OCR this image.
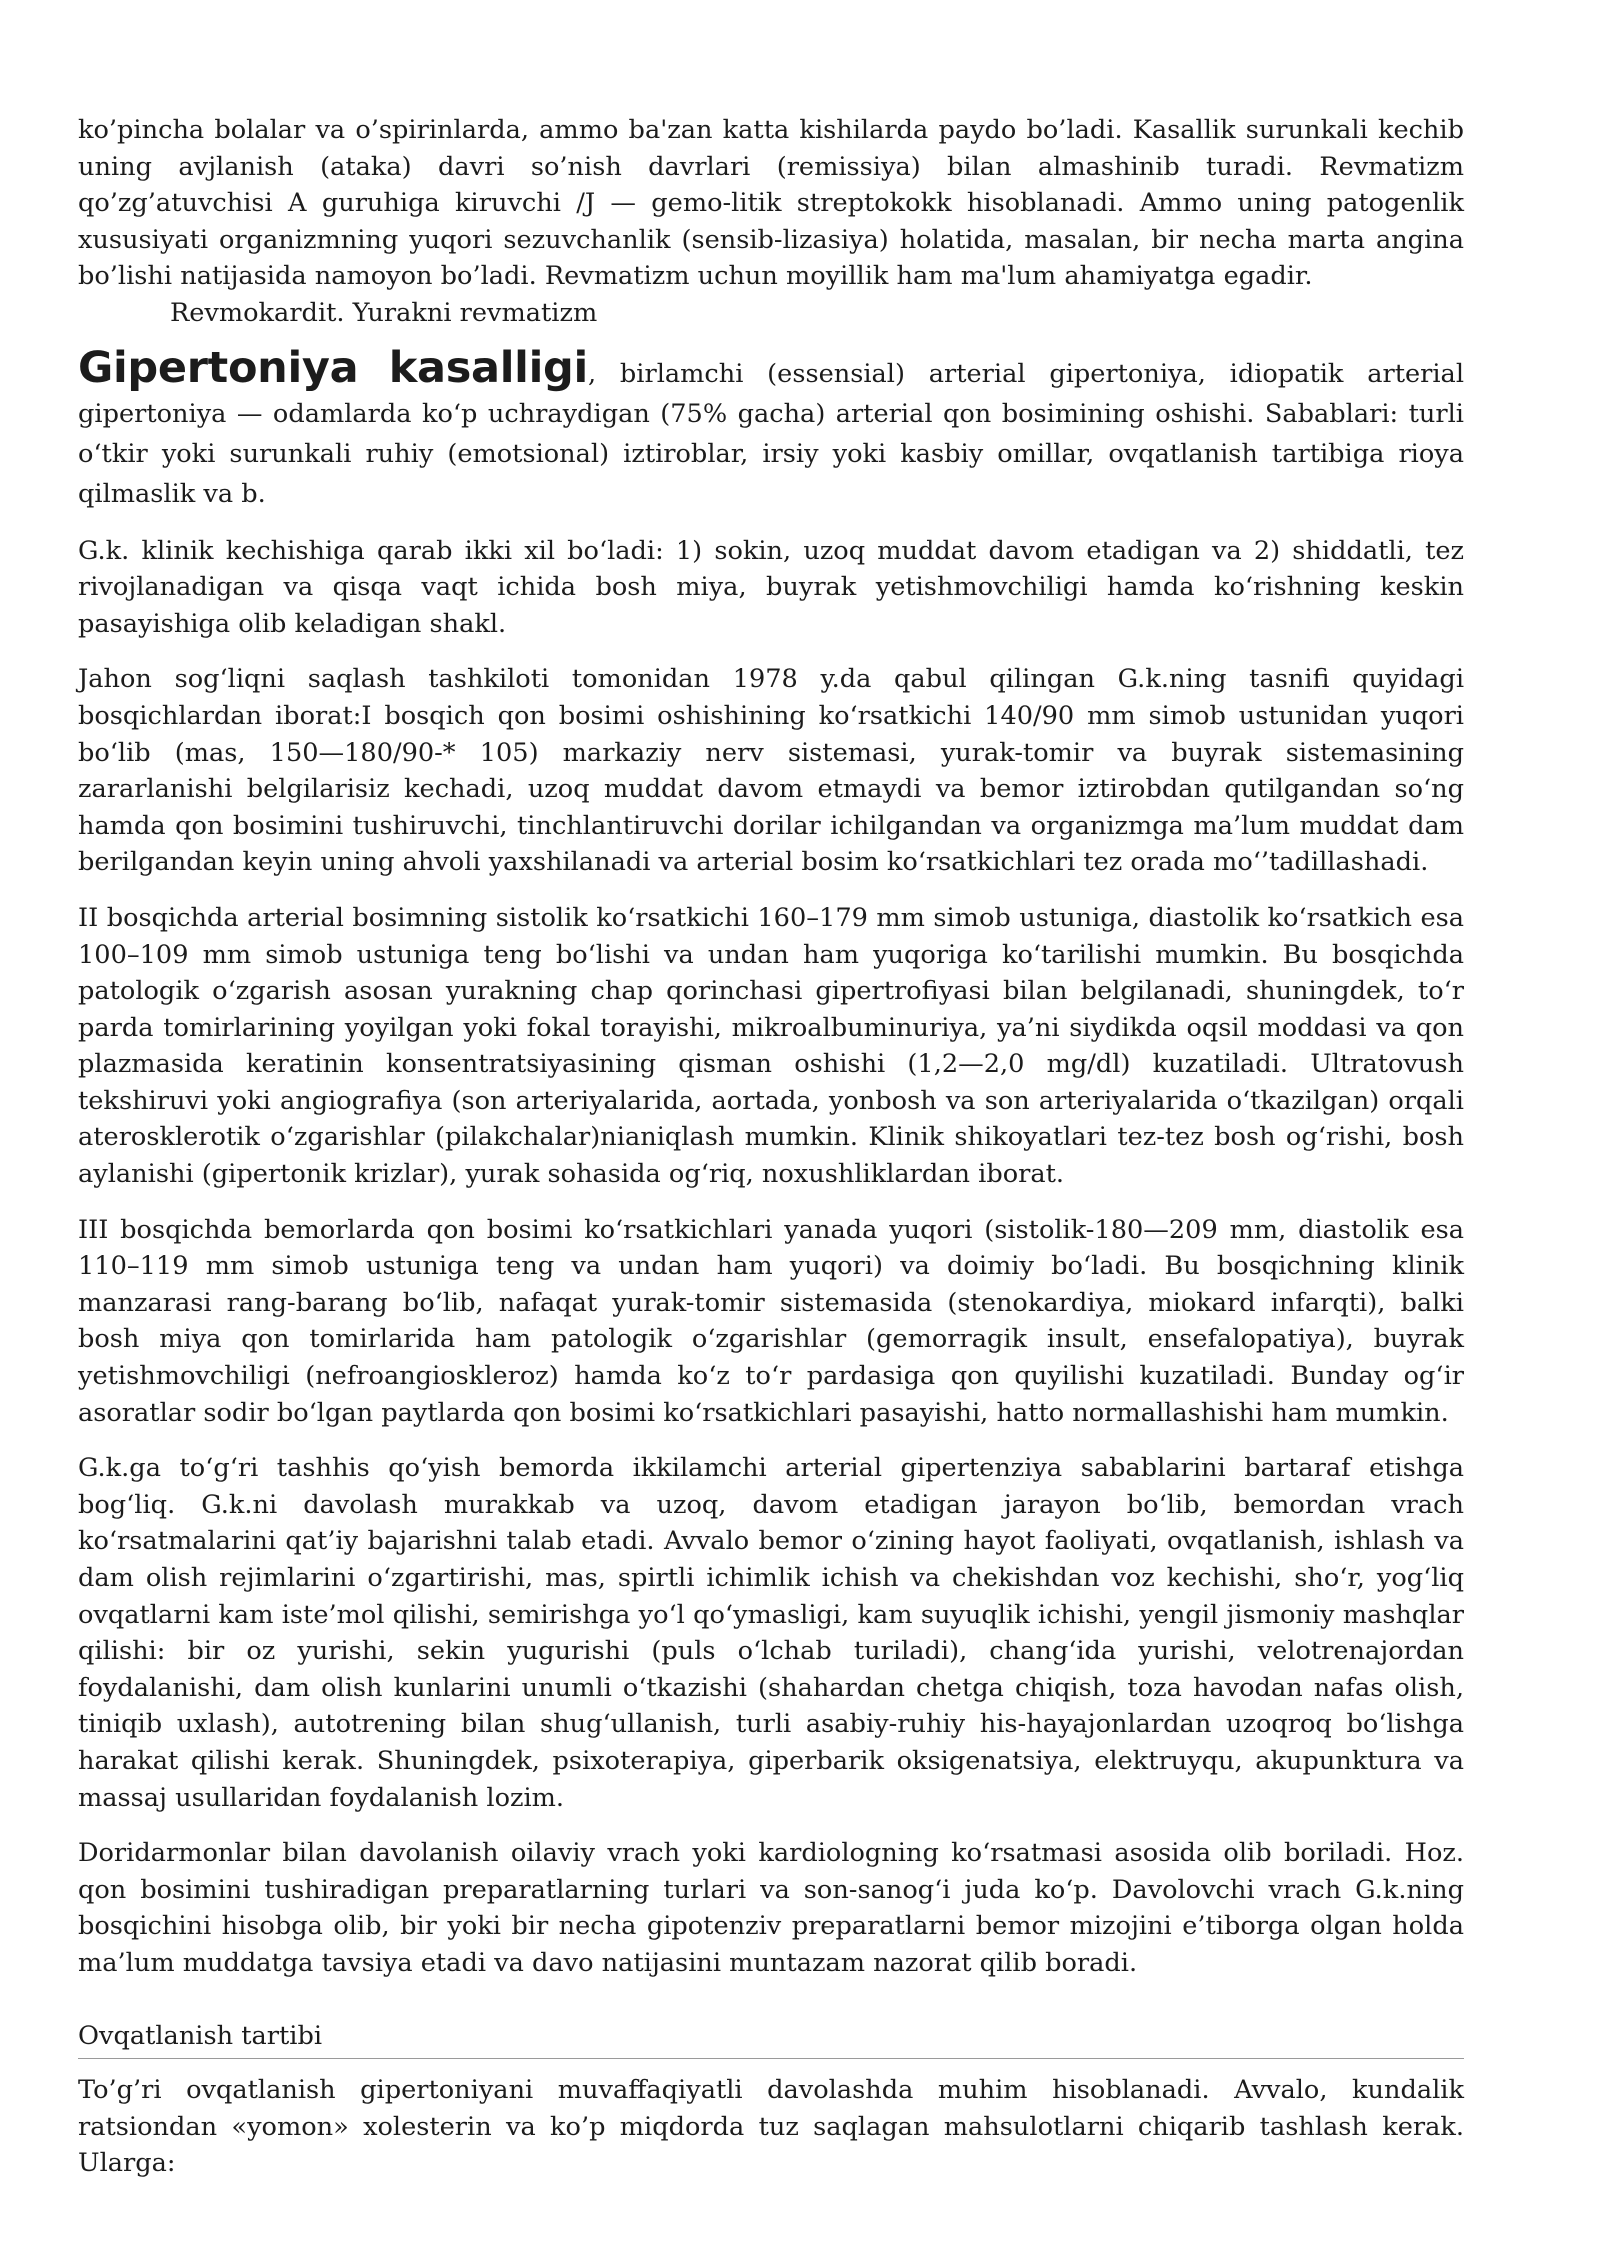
ko’pincha bolalar va o’spirinlarda, ammo ba'zan katta kishilarda paydo bo’ladi. Kasallik surunkali kechib uning avjlanish (ataka) davri so’nish davrlari (remissiya) bilan almashinib turadi. Revmatizm qo’zg’atuvchisi A guruhiga kiruvchi /J — gemo-litik streptokokk hisoblanadi. Ammo uning patogenlik xususiyati organizmning yuqori sezuvchanlik (sensib-lizasiya) holatida, masalan, bir necha marta angina bo’lishi natijasida namoyon bo’ladi. Revmatizm uchun moyillik ham ma'lum ahamiyatga egadir.

Revmokardit. Yurakni revmatizm

Gipertoniya kasalligi, birlamchi (essensial) arterial gipertoniya, idiopatik arterial gipertoniya — odamlarda ko‘p uchraydigan (75% gacha) arterial qon bosimining oshishi. Sabablari: turli o‘tkir yoki surunkali ruhiy (emotsional) iztiroblar, irsiy yoki kasbiy omillar, ovqatlanish tartibiga rioya qilmaslik va b.

G.k. klinik kechishiga qarab ikki xil bo‘ladi: 1) sokin, uzoq muddat davom etadigan va 2) shiddatli, tez rivojlanadigan va qisqa vaqt ichida bosh miya, buyrak yetishmovchiligi hamda ko‘rishning keskin pasayishiga olib keladigan shakl.

Jahon sog‘liqni saqlash tashkiloti tomonidan 1978 y.da qabul qilingan G.k.ning tasnifi quyidagi bosqichlardan iborat:I bosqich qon bosimi oshishining ko‘rsatkichi 140/90 mm simob ustunidan yuqori bo‘lib (mas, 150—180/90-* 105) markaziy nerv sistemasi, yurak-tomir va buyrak sistemasining zararlanishi belgilarisiz kechadi, uzoq muddat davom etmaydi va bemor iztirobdan qutilgandan so‘ng hamda qon bosimini tushiruvchi, tinchlantiruvchi dorilar ichilgandan va organizmga ma’lum muddat dam berilgandan keyin uning ahvoli yaxshilanadi va arterial bosim ko‘rsatkichlari tez orada mo‘’tadillashadi.

II bosqichda arterial bosimning sistolik ko‘rsatkichi 160–179 mm simob ustuniga, diastolik ko‘rsatkich esa 100–109 mm simob ustuniga teng bo‘lishi va undan ham yuqoriga ko‘tarilishi mumkin. Bu bosqichda patologik o‘zgarish asosan yurakning chap qorinchasi gipertrofiyasi bilan belgilanadi, shuningdek, to‘r parda tomirlarining yoyilgan yoki fokal torayishi, mikroalbuminuriya, ya’ni siydikda oqsil moddasi va qon plazmasida keratinin konsentratsiyasining qisman oshishi (1,2—2,0 mg/dl) kuzatiladi. Ultratovush tekshiruvi yoki angiografiya (son arteriyalarida, aortada, yonbosh va son arteriyalarida o‘tkazilgan) orqali aterosklerotik o‘zgarishlar (pilakchalar)nianiqlash mumkin. Klinik shikoyatlari tez-tez bosh og‘rishi, bosh aylanishi (gipertonik krizlar), yurak sohasida og‘riq, noxushliklardan iborat.

III bosqichda bemorlarda qon bosimi ko‘rsatkichlari yanada yuqori (sistolik-180—209 mm, diastolik esa 110–119 mm simob ustuniga teng va undan ham yuqori) va doimiy bo‘ladi. Bu bosqichning klinik manzarasi rang-barang bo‘lib, nafaqat yurak-tomir sistemasida (stenokardiya, miokard infarqti), balki bosh miya qon tomirlarida ham patologik o‘zgarishlar (gemorragik insult, ensefalopatiya), buyrak yetishmovchiligi (nefroangioskleroz) hamda ko‘z to‘r pardasiga qon quyilishi kuzatiladi. Bunday og‘ir asoratlar sodir bo‘lgan paytlarda qon bosimi ko‘rsatkichlari pasayishi, hatto normallashishi ham mumkin.

G.k.ga to‘g‘ri tashhis qo‘yish bemorda ikkilamchi arterial gipertenziya sabablarini bartaraf etishga bog‘liq. G.k.ni davolash murakkab va uzoq, davom etadigan jarayon bo‘lib, bemordan vrach ko‘rsatmalarini qat’iy bajarishni talab etadi. Avvalo bemor o‘zining hayot faoliyati, ovqatlanish, ishlash va dam olish rejimlarini o‘zgartirishi, mas, spirtli ichimlik ichish va chekishdan voz kechishi, sho‘r, yog‘liq ovqatlarni kam iste’mol qilishi, semirishga yo‘l qo‘ymasligi, kam suyuqlik ichishi, yengil jismoniy mashqlar qilishi: bir oz yurishi, sekin yugurishi (puls o‘lchab turiladi), chang‘ida yurishi, velotrenajordan foydalanishi, dam olish kunlarini unumli o‘tkazishi (shahardan chetga chiqish, toza havodan nafas olish, tiniqib uxlash), autotrening bilan shug‘ullanish, turli asabiy-ruhiy his-hayajonlardan uzoqroq bo‘lishga harakat qilishi kerak. Shuningdek, psixoterapiya, giperbarik oksigenatsiya, elektruyqu, akupunktura va massaj usullaridan foydalanish lozim.

Doridarmonlar bilan davolanish oilaviy vrach yoki kardiologning ko‘rsatmasi asosida olib boriladi. Hoz. qon bosimini tushiradigan preparatlarning turlari va son-sanog‘i juda ko‘p. Davolovchi vrach G.k.ning bosqichini hisobga olib, bir yoki bir necha gipotenziv preparatlarni bemor mizojini e’tiborga olgan holda ma’lum muddatga tavsiya etadi va davo natijasini muntazam nazorat qilib boradi.

Ovqatlanish tartibi

To’g’ri ovqatlanish gipertoniyani muvaffaqiyatli davolashda muhim hisoblanadi. Avvalo, kundalik ratsiondan «yomon» xolesterin va ko’p miqdorda tuz saqlagan mahsulotlarni chiqarib tashlash kerak. Ularga:
